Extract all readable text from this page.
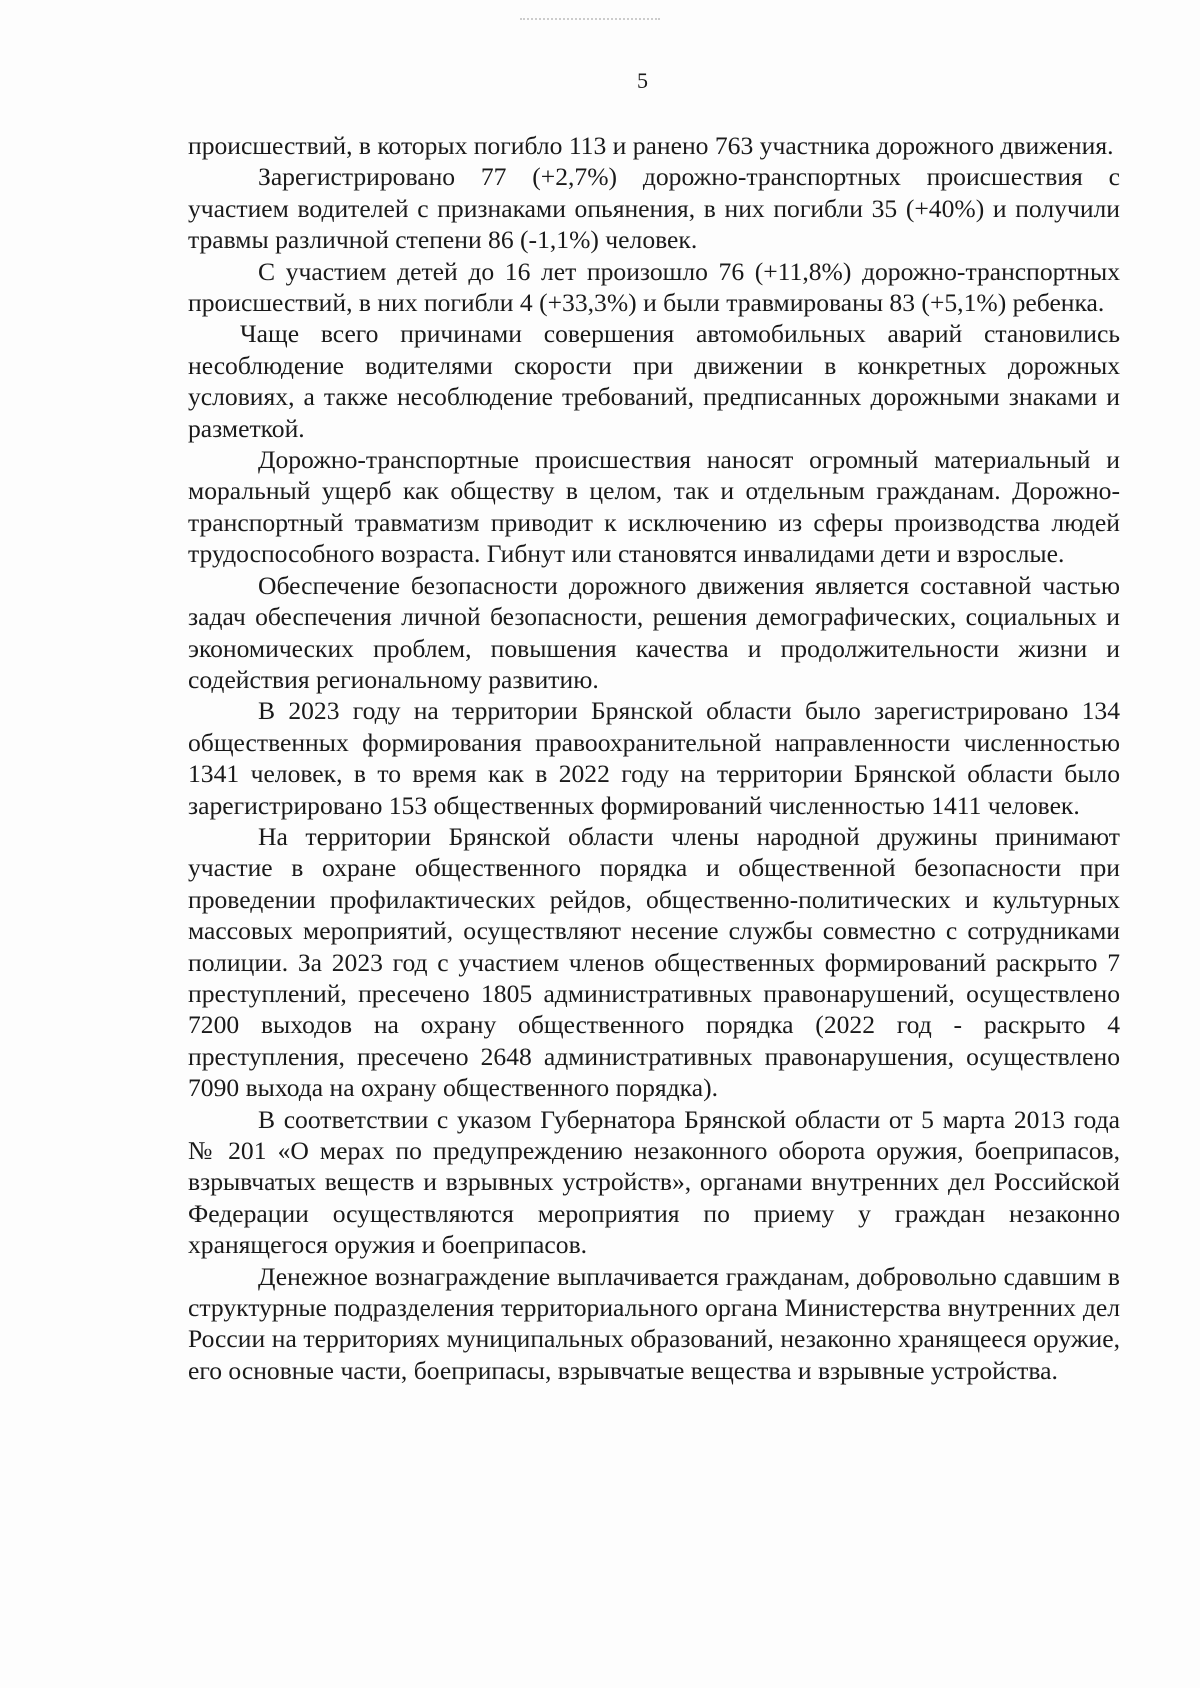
5

происшествий, в которых погибло 113 и ранено 763 участника дорожного движения.

Зарегистрировано 77 (+2,7%) дорожно-транспортных происшествия с участием водителей с признаками опьянения, в них погибли 35 (+40%) и получили травмы различной степени 86 (-1,1%) человек.

С участием детей до 16 лет произошло 76 (+11,8%) дорожно-транспортных происшествий, в них погибли 4 (+33,3%) и были травмированы 83 (+5,1%) ребенка.

Чаще всего причинами совершения автомобильных аварий становились несоблюдение водителями скорости при движении в конкретных дорожных условиях, а также несоблюдение требований, предписанных дорожными знаками и разметкой.

Дорожно-транспортные происшествия наносят огромный материальный и моральный ущерб как обществу в целом, так и отдельным гражданам. Дорожно-транспортный травматизм приводит к исключению из сферы производства людей трудоспособного возраста. Гибнут или становятся инвалидами дети и взрослые.

Обеспечение безопасности дорожного движения является составной частью задач обеспечения личной безопасности, решения демографических, социальных и экономических проблем, повышения качества и продолжительности жизни и содействия региональному развитию.

В 2023 году на территории Брянской области было зарегистрировано 134 общественных формирования правоохранительной направленности численностью 1341 человек, в то время как в 2022 году на территории Брянской области было зарегистрировано 153 общественных формирований численностью 1411 человек.

На территории Брянской области члены народной дружины принимают участие в охране общественного порядка и общественной безопасности при проведении профилактических рейдов, общественно-политических и культурных массовых мероприятий, осуществляют несение службы совместно с сотрудниками полиции. За 2023 год с участием членов общественных формирований раскрыто 7 преступлений, пресечено 1805 административных правонарушений, осуществлено 7200 выходов на охрану общественного порядка (2022 год - раскрыто 4 преступления, пресечено 2648 административных правонарушения, осуществлено 7090 выхода на охрану общественного порядка).

В соответствии с указом Губернатора Брянской области от 5 марта 2013 года № 201 «О мерах по предупреждению незаконного оборота оружия, боеприпасов, взрывчатых веществ и взрывных устройств», органами внутренних дел Российской Федерации осуществляются мероприятия по приему у граждан незаконно хранящегося оружия и боеприпасов.

Денежное вознаграждение выплачивается гражданам, добровольно сдавшим в структурные подразделения территориального органа Министерства внутренних дел России на территориях муниципальных образований, незаконно хранящееся оружие, его основные части, боеприпасы, взрывчатые вещества и взрывные устройства.
